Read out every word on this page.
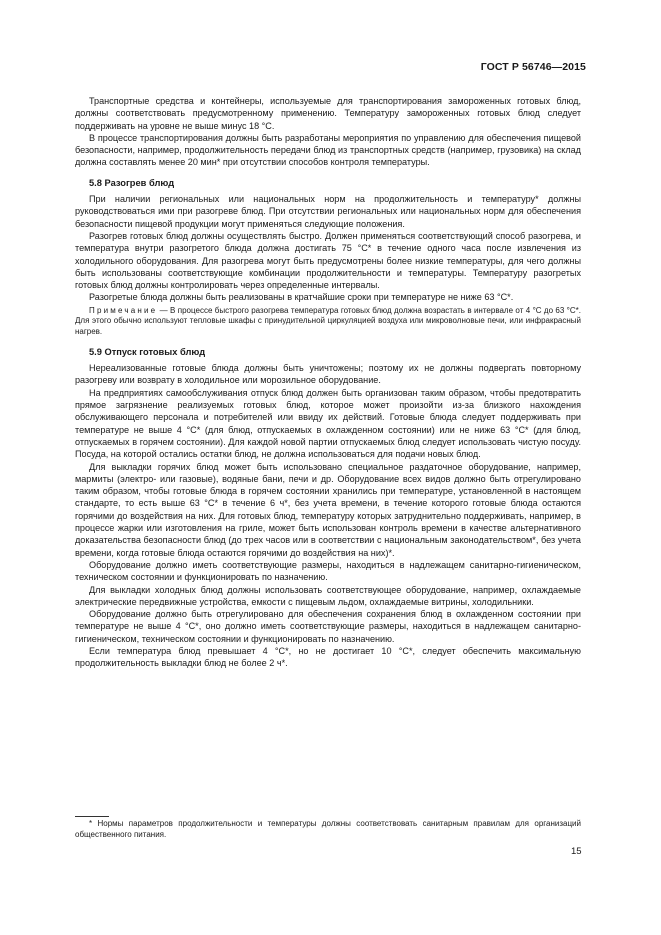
ГОСТ Р 56746—2015

Транспортные средства и контейнеры, используемые для транспортирования замороженных готовых блюд, должны соответствовать предусмотренному применению. Температуру замороженных готовых блюд следует поддерживать на уровне не выше минус 18 °C.

В процессе транспортирования должны быть разработаны мероприятия по управлению для обеспечения пищевой безопасности, например, продолжительность передачи блюд из транспортных средств (например, грузовика) на склад должна составлять менее 20 мин* при отсутствии способов контроля температуры.

5.8 Разогрев блюд

При наличии региональных или национальных норм на продолжительность и температуру* должны руководствоваться ими при разогреве блюд. При отсутствии региональных или национальных норм для обеспечения безопасности пищевой продукции могут применяться следующие положения.

Разогрев готовых блюд должны осуществлять быстро. Должен применяться соответствующий способ разогрева, и температура внутри разогретого блюда должна достигать 75 °C* в течение одного часа после извлечения из холодильного оборудования. Для разогрева могут быть предусмотрены более низкие температуры, для чего должны быть использованы соответствующие комбинации продолжительности и температуры. Температуру разогретых готовых блюд должны контролировать через определенные интервалы.

Разогретые блюда должны быть реализованы в кратчайшие сроки при температуре не ниже 63 °C*.

Примечание — В процессе быстрого разогрева температура готовых блюд должна возрастать в интервале от 4 °C до 63 °C*. Для этого обычно используют тепловые шкафы с принудительной циркуляцией воздуха или микроволновые печи, или инфракрасный нагрев.
5.9 Отпуск готовых блюд

Нереализованные готовые блюда должны быть уничтожены; поэтому их не должны подвергать повторному разогреву или возврату в холодильное или морозильное оборудование.

На предприятиях самообслуживания отпуск блюд должен быть организован таким образом, чтобы предотвратить прямое загрязнение реализуемых готовых блюд, которое может произойти из-за близкого нахождения обслуживающего персонала и потребителей или ввиду их действий. Готовые блюда следует поддерживать при температуре не выше 4 °C* (для блюд, отпускаемых в охлажденном состоянии) или не ниже 63 °C* (для блюд, отпускаемых в горячем состоянии). Для каждой новой партии отпускаемых блюд следует использовать чистую посуду. Посуда, на которой остались остатки блюд, не должна использоваться для подачи новых блюд.

Для выкладки горячих блюд может быть использовано специальное раздаточное оборудование, например, мармиты (электро- или газовые), водяные бани, печи и др. Оборудование всех видов должно быть отрегулировано таким образом, чтобы готовые блюда в горячем состоянии хранились при температуре, установленной в настоящем стандарте, то есть выше 63 °C* в течение 6 ч*, без учета времени, в течение которого готовые блюда остаются горячими до воздействия на них. Для готовых блюд, температуру которых затруднительно поддерживать, например, в процессе жарки или изготовления на гриле, может быть использован контроль времени в качестве альтернативного доказательства безопасности блюд (до трех часов или в соответствии с национальным законодательством*, без учета времени, когда готовые блюда остаются горячими до воздействия на них)*.

Оборудование должно иметь соответствующие размеры, находиться в надлежащем санитарно-гигиеническом, техническом состоянии и функционировать по назначению.

Для выкладки холодных блюд должны использовать соответствующее оборудование, например, охлаждаемые электрические передвижные устройства, емкости с пищевым льдом, охлаждаемые витрины, холодильники.

Оборудование должно быть отрегулировано для обеспечения сохранения блюд в охлажденном состоянии при температуре не выше 4 °C*, оно должно иметь соответствующие размеры, находиться в надлежащем санитарно-гигиеническом, техническом состоянии и функционировать по назначению.

Если температура блюд превышает 4 °C*, но не достигает 10 °C*, следует обеспечить максимальную продолжительность выкладки блюд не более 2 ч*.

* Нормы параметров продолжительности и температуры должны соответствовать санитарным правилам для организаций общественного питания.
15
